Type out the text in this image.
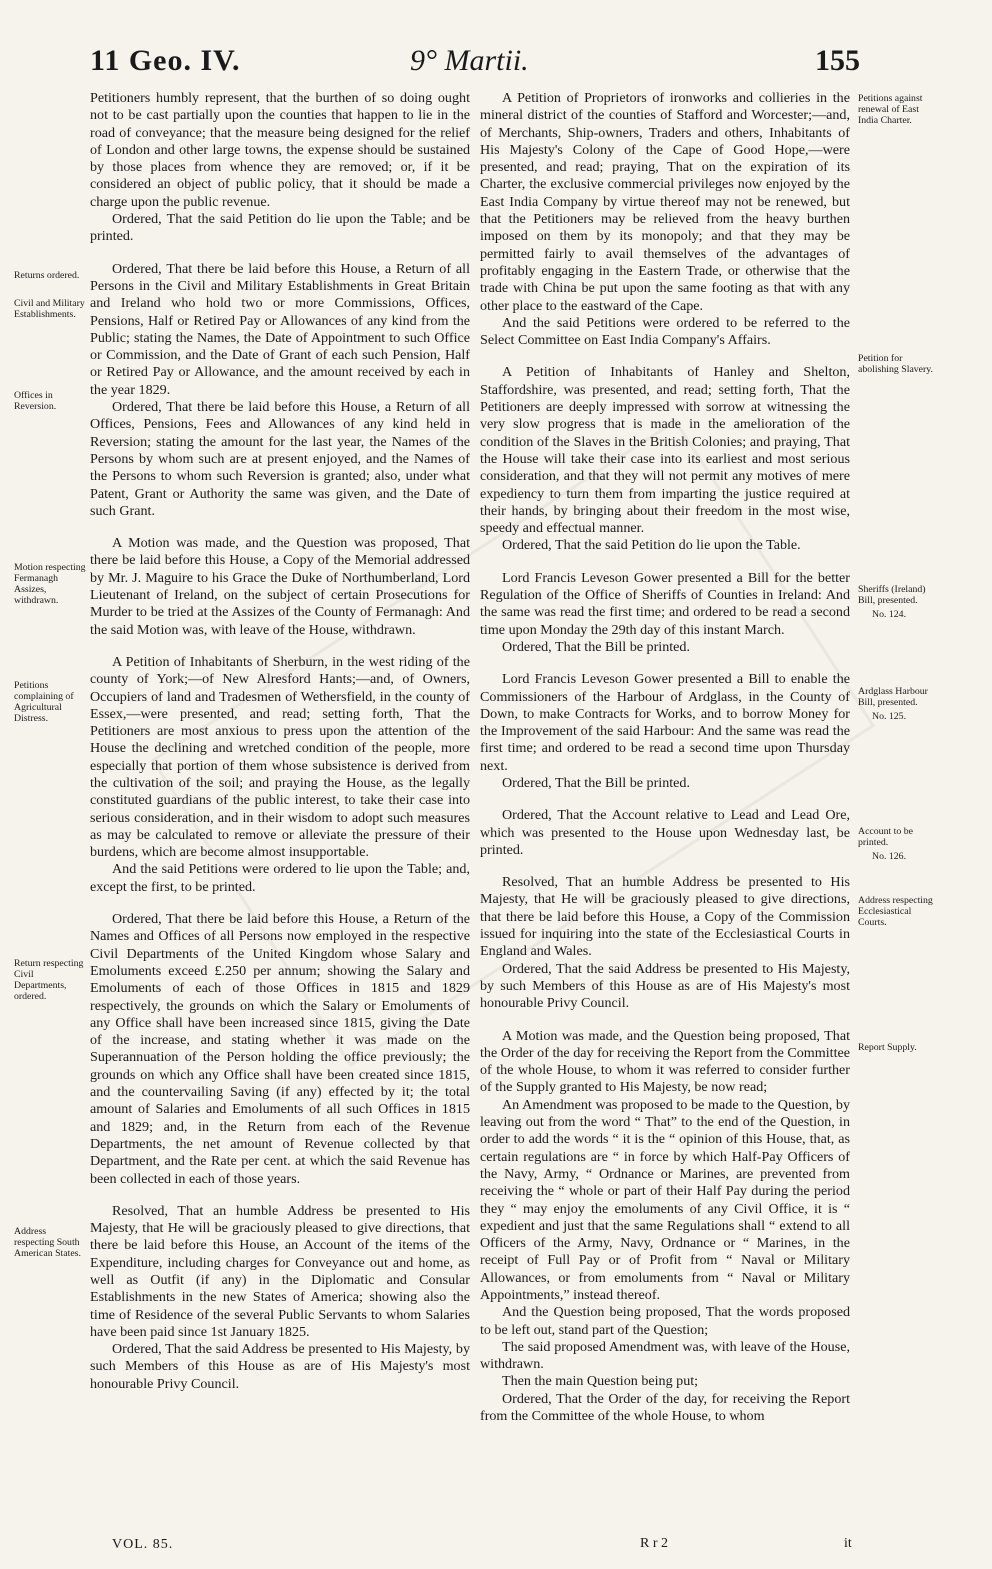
11 Geo. IV.	9° Martii.	155
Returns ordered.
Civil and Military Establishments.
Offices in Reversion.
Motion respecting Fermanagh Assizes, withdrawn.
Petitions complaining of Agricultural Distress.
Return respecting Civil Departments, ordered.
Address respecting South American States.
Petitions against renewal of East India Charter.
Petition for abolishing Slavery.
Sheriffs (Ireland) Bill, presented.
No. 124.
Ardglass Harbour Bill, presented.
No. 125.
Account to be printed.
No. 126.
Address respecting Ecclesiastical Courts.
Report Supply.

Petitioners humbly represent, that the burthen of so doing ought not to be cast partially upon the counties that happen to lie in the road of conveyance; that the measure being designed for the relief of London and other large towns, the expense should be sustained by those places from whence they are removed; or, if it be considered an object of public policy, that it should be made a charge upon the public revenue.

Ordered, That the said Petition do lie upon the Table; and be printed.

Ordered, That there be laid before this House, a Return of all Persons in the Civil and Military Establishments in Great Britain and Ireland who hold two or more Commissions, Offices, Pensions, Half or Retired Pay or Allowances of any kind from the Public; stating the Names, the Date of Appointment to such Office or Commission, and the Date of Grant of each such Pension, Half or Retired Pay or Allowance, and the amount received by each in the year 1829.

Ordered, That there be laid before this House, a Return of all Offices, Pensions, Fees and Allowances of any kind held in Reversion; stating the amount for the last year, the Names of the Persons by whom such are at present enjoyed, and the Names of the Persons to whom such Reversion is granted; also, under what Patent, Grant or Authority the same was given, and the Date of such Grant.

A Motion was made, and the Question was proposed, That there be laid before this House, a Copy of the Memorial addressed by Mr. J. Maguire to his Grace the Duke of Northumberland, Lord Lieutenant of Ireland, on the subject of certain Prosecutions for Murder to be tried at the Assizes of the County of Fermanagh: And the said Motion was, with leave of the House, withdrawn.

A Petition of Inhabitants of Sherburn, in the west riding of the county of York;—of New Alresford Hants;—and, of Owners, Occupiers of land and Tradesmen of Wethersfield, in the county of Essex,—were presented, and read; setting forth, That the Petitioners are most anxious to press upon the attention of the House the declining and wretched condition of the people, more especially that portion of them whose subsistence is derived from the cultivation of the soil; and praying the House, as the legally constituted guardians of the public interest, to take their case into serious consideration, and in their wisdom to adopt such measures as may be calculated to remove or alleviate the pressure of their burdens, which are become almost insupportable.

And the said Petitions were ordered to lie upon the Table; and, except the first, to be printed.

Ordered, That there be laid before this House, a Return of the Names and Offices of all Persons now employed in the respective Civil Departments of the United Kingdom whose Salary and Emoluments exceed £.250 per annum; showing the Salary and Emoluments of each of those Offices in 1815 and 1829 respectively, the grounds on which the Salary or Emoluments of any Office shall have been increased since 1815, giving the Date of the increase, and stating whether it was made on the Superannuation of the Person holding the office previously; the grounds on which any Office shall have been created since 1815, and the countervailing Saving (if any) effected by it; the total amount of Salaries and Emoluments of all such Offices in 1815 and 1829; and, in the Return from each of the Revenue Departments, the net amount of Revenue collected by that Department, and the Rate per cent. at which the said Revenue has been collected in each of those years.

Resolved, That an humble Address be presented to His Majesty, that He will be graciously pleased to give directions, that there be laid before this House, an Account of the items of the Expenditure, including charges for Conveyance out and home, as well as Outfit (if any) in the Diplomatic and Consular Establishments in the new States of America; showing also the time of Residence of the several Public Servants to whom Salaries have been paid since 1st January 1825.

Ordered, That the said Address be presented to His Majesty, by such Members of this House as are of His Majesty's most honourable Privy Council.

A Petition of Proprietors of ironworks and collieries in the mineral district of the counties of Stafford and Worcester;—and, of Merchants, Ship-owners, Traders and others, Inhabitants of His Majesty's Colony of the Cape of Good Hope,—were presented, and read; praying, That on the expiration of its Charter, the exclusive commercial privileges now enjoyed by the East India Company by virtue thereof may not be renewed, but that the Petitioners may be relieved from the heavy burthen imposed on them by its monopoly; and that they may be permitted fairly to avail themselves of the advantages of profitably engaging in the Eastern Trade, or otherwise that the trade with China be put upon the same footing as that with any other place to the eastward of the Cape.

And the said Petitions were ordered to be referred to the Select Committee on East India Company's Affairs.

A Petition of Inhabitants of Hanley and Shelton, Staffordshire, was presented, and read; setting forth, That the Petitioners are deeply impressed with sorrow at witnessing the very slow progress that is made in the amelioration of the condition of the Slaves in the British Colonies; and praying, That the House will take their case into its earliest and most serious consideration, and that they will not permit any motives of mere expediency to turn them from imparting the justice required at their hands, by bringing about their freedom in the most wise, speedy and effectual manner.

Ordered, That the said Petition do lie upon the Table.

Lord Francis Leveson Gower presented a Bill for the better Regulation of the Office of Sheriffs of Counties in Ireland: And the same was read the first time; and ordered to be read a second time upon Monday the 29th day of this instant March.

Ordered, That the Bill be printed.

Lord Francis Leveson Gower presented a Bill to enable the Commissioners of the Harbour of Ardglass, in the County of Down, to make Contracts for Works, and to borrow Money for the Improvement of the said Harbour: And the same was read the first time; and ordered to be read a second time upon Thursday next.

Ordered, That the Bill be printed.

Ordered, That the Account relative to Lead and Lead Ore, which was presented to the House upon Wednesday last, be printed.

Resolved, That an humble Address be presented to His Majesty, that He will be graciously pleased to give directions, that there be laid before this House, a Copy of the Commission issued for inquiring into the state of the Ecclesiastical Courts in England and Wales.

Ordered, That the said Address be presented to His Majesty, by such Members of this House as are of His Majesty's most honourable Privy Council.

A Motion was made, and the Question being proposed, That the Order of the day for receiving the Report from the Committee of the whole House, to whom it was referred to consider further of the Supply granted to His Majesty, be now read;

An Amendment was proposed to be made to the Question, by leaving out from the word “ That” to the end of the Question, in order to add the words “ it is the “ opinion of this House, that, as certain regulations are “ in force by which Half-Pay Officers of the Navy, Army, “ Ordnance or Marines, are prevented from receiving the “ whole or part of their Half Pay during the period they “ may enjoy the emoluments of any Civil Office, it is “ expedient and just that the same Regulations shall “ extend to all Officers of the Army, Navy, Ordnance or “ Marines, in the receipt of Full Pay or of Profit from “ Naval or Military Allowances, or from emoluments from “ Naval or Military Appointments,” instead thereof.

And the Question being proposed, That the words proposed to be left out, stand part of the Question;

The said proposed Amendment was, with leave of the House, withdrawn.

Then the main Question being put;

Ordered, That the Order of the day, for receiving the Report from the Committee of the whole House, to whom

VOL. 85.	R r 2	it
